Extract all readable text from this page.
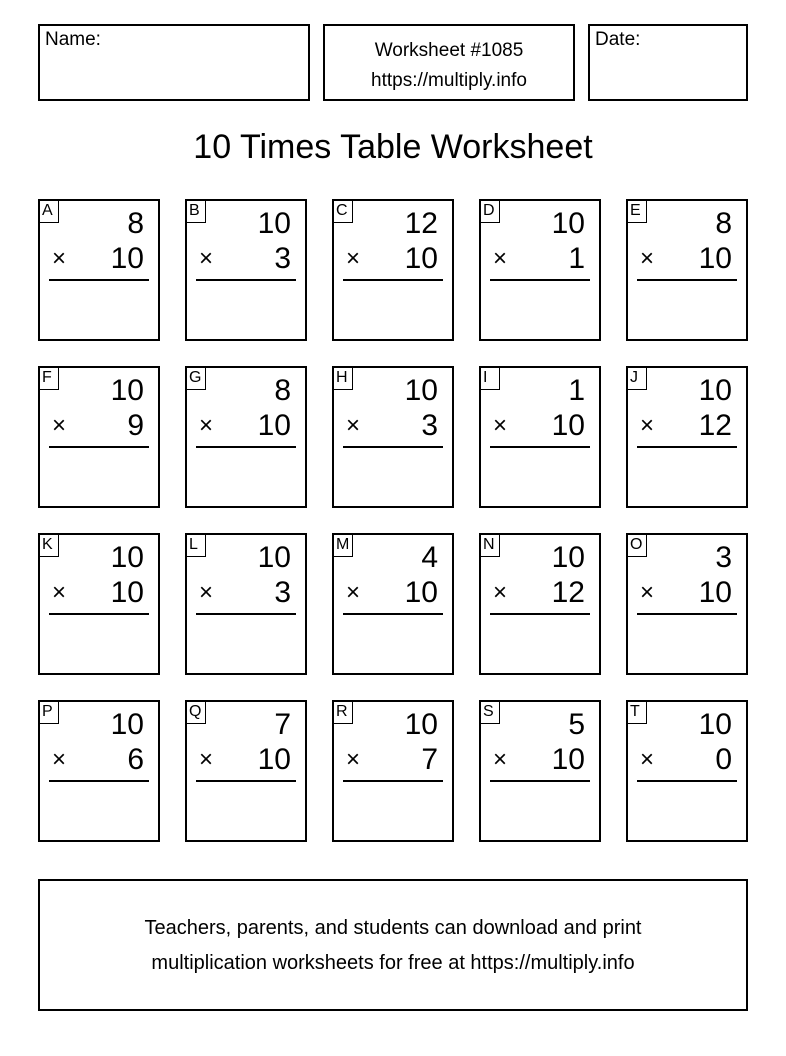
Name:
Worksheet #1085
https://multiply.info
Date:
10 Times Table Worksheet
A 8
× 10
B 10
× 3
C 12
× 10
D 10
× 1
E 8
× 10
F 10
× 9
G 8
× 10
H 10
× 3
I	1
× 10
J	10
× 12
K 10
× 10
L 10
× 3
M 4
× 10
N 10
× 12
O 3
× 10
P 10
× 6
Q 7
× 10
R 10
× 7
S 5
× 10
T 10
× 0
Teachers, parents, and students can download and print
multiplication worksheets for free at https://multiply.info
